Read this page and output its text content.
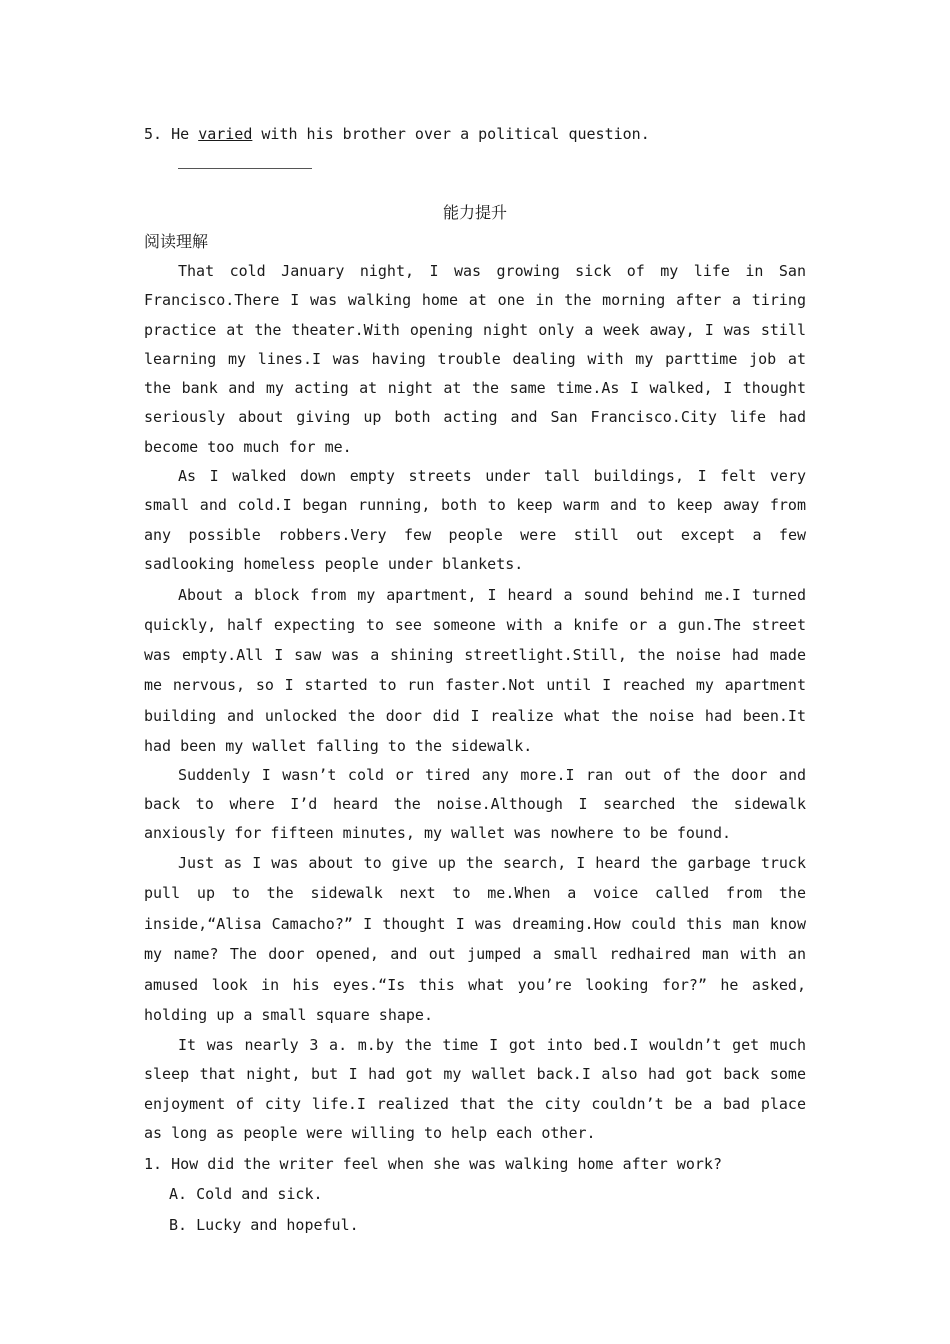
5. He varied with his brother over a political question.

能力提升
阅读理解

That cold January night, I was growing sick of my life in San Francisco.There I was walking home at one in the morning after a tiring practice at the theater.With opening night only a week away, I was still learning my lines.I was having trouble dealing with my parttime job at the bank and my acting at night at the same time.As I walked, I thought seriously about giving up both acting and San Francisco.City life had become too much for me.

As I walked down empty streets under tall buildings, I felt very small and cold.I began running, both to keep warm and to keep away from any possible robbers.Very few people were still out except a few sadlooking homeless people under blankets.

About a block from my apartment, I heard a sound behind me.I turned quickly, half expecting to see someone with a knife or a gun.The street was empty.All I saw was a shining streetlight.Still, the noise had made me nervous, so I started to run faster.Not until I reached my apartment building and unlocked the door did I realize what the noise had been.It had been my wallet falling to the sidewalk.

Suddenly I wasn’t cold or tired any more.I ran out of the door and back to where I’d heard the noise.Although I searched the sidewalk anxiously for fifteen minutes, my wallet was nowhere to be found.

Just as I was about to give up the search, I heard the garbage truck pull up to the sidewalk next to me.When a voice called from the inside,“Alisa Camacho?” I thought I was dreaming.How could this man know my name? The door opened, and out jumped a small redhaired man with an amused look in his eyes.“Is this what you’re looking for?” he asked, holding up a small square shape.

It was nearly 3 a. m.by the time I got into bed.I wouldn’t get much sleep that night, but I had got my wallet back.I also had got back some enjoyment of city life.I realized that the city couldn’t be a bad place as long as people were willing to help each other.

1. How did the writer feel when she was walking home after work?

A. Cold and sick.

B. Lucky and hopeful.
